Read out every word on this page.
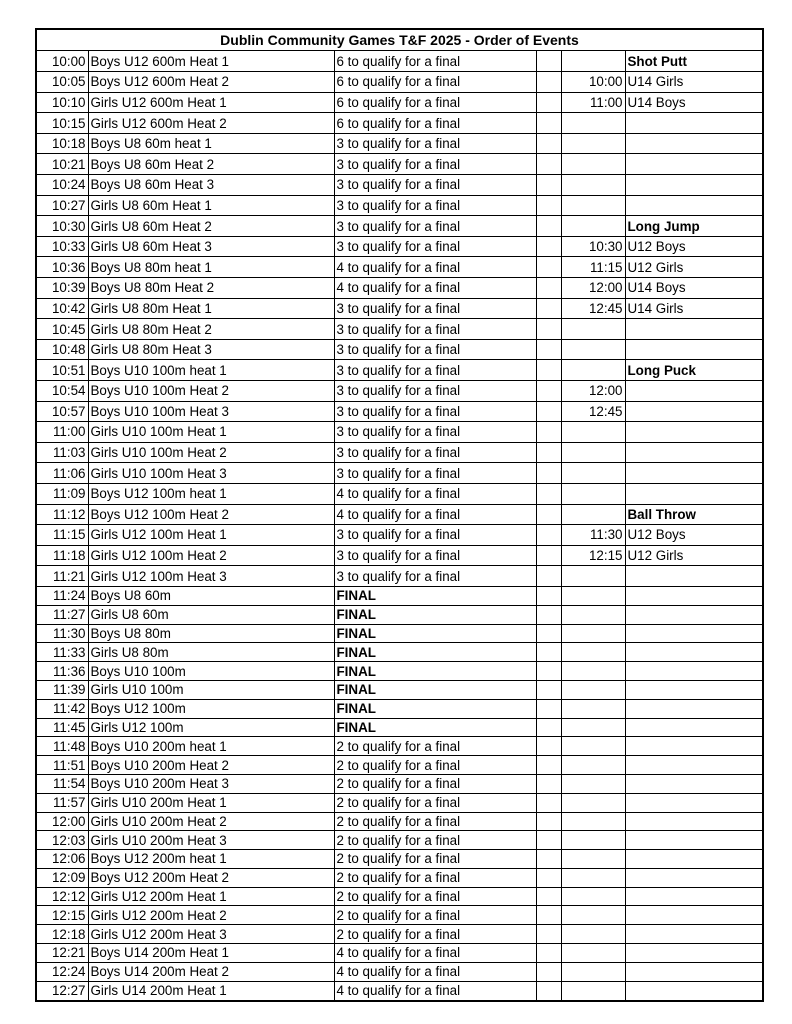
Dublin Community Games T&F 2025 - Order of Events
10:00	Boys U12 600m Heat 1	6 to qualify for a final			Shot Putt
10:05	Boys U12 600m Heat 2	6 to qualify for a final		10:00	U14 Girls
10:10	Girls U12 600m Heat 1	6 to qualify for a final		11:00	U14 Boys
10:15	Girls U12 600m Heat 2	6 to qualify for a final			
10:18	Boys U8 60m heat 1	3 to qualify for a final			
10:21	Boys U8 60m Heat 2	3 to qualify for a final			
10:24	Boys U8 60m Heat 3	3 to qualify for a final			
10:27	Girls U8 60m Heat 1	3 to qualify for a final			
10:30	Girls U8 60m Heat 2	3 to qualify for a final			Long Jump
10:33	Girls U8 60m Heat 3	3 to qualify for a final		10:30	U12 Boys
10:36	Boys U8 80m heat 1	4 to qualify for a final		11:15	U12 Girls
10:39	Boys U8 80m Heat 2	4 to qualify for a final		12:00	U14 Boys
10:42	Girls U8 80m Heat 1	3 to qualify for a final		12:45	U14 Girls
10:45	Girls U8 80m Heat 2	3 to qualify for a final			
10:48	Girls U8 80m Heat 3	3 to qualify for a final			
10:51	Boys U10 100m heat 1	3 to qualify for a final			Long Puck
10:54	Boys U10 100m Heat 2	3 to qualify for a final		12:00	
10:57	Boys U10 100m Heat 3	3 to qualify for a final		12:45	
11:00	Girls U10 100m Heat 1	3 to qualify for a final			
11:03	Girls U10 100m Heat 2	3 to qualify for a final			
11:06	Girls U10 100m Heat 3	3 to qualify for a final			
11:09	Boys U12 100m heat 1	4 to qualify for a final			
11:12	Boys U12 100m Heat 2	4 to qualify for a final			Ball Throw
11:15	Girls U12 100m Heat 1	3 to qualify for a final		11:30	U12 Boys
11:18	Girls U12 100m Heat 2	3 to qualify for a final		12:15	U12 Girls
11:21	Girls U12 100m Heat 3	3 to qualify for a final			
11:24	Boys U8 60m	FINAL			
11:27	Girls U8 60m	FINAL			
11:30	Boys U8 80m	FINAL			
11:33	Girls U8 80m	FINAL			
11:36	Boys U10 100m	FINAL			
11:39	Girls U10 100m	FINAL			
11:42	Boys U12 100m	FINAL			
11:45	Girls U12 100m	FINAL			
11:48	Boys U10 200m heat 1	2 to qualify for a final			
11:51	Boys U10 200m Heat 2	2 to qualify for a final			
11:54	Boys U10 200m Heat 3	2 to qualify for a final			
11:57	Girls U10 200m Heat 1	2 to qualify for a final			
12:00	Girls U10 200m Heat 2	2 to qualify for a final			
12:03	Girls U10 200m Heat 3	2 to qualify for a final			
12:06	Boys U12 200m heat 1	2 to qualify for a final			
12:09	Boys U12 200m Heat 2	2 to qualify for a final			
12:12	Girls U12 200m Heat 1	2 to qualify for a final			
12:15	Girls U12 200m Heat 2	2 to qualify for a final			
12:18	Girls U12 200m Heat 3	2 to qualify for a final			
12:21	Boys U14 200m Heat 1	4 to qualify for a final			
12:24	Boys U14 200m Heat 2	4 to qualify for a final			
12:27	Girls U14 200m Heat 1	4 to qualify for a final			
